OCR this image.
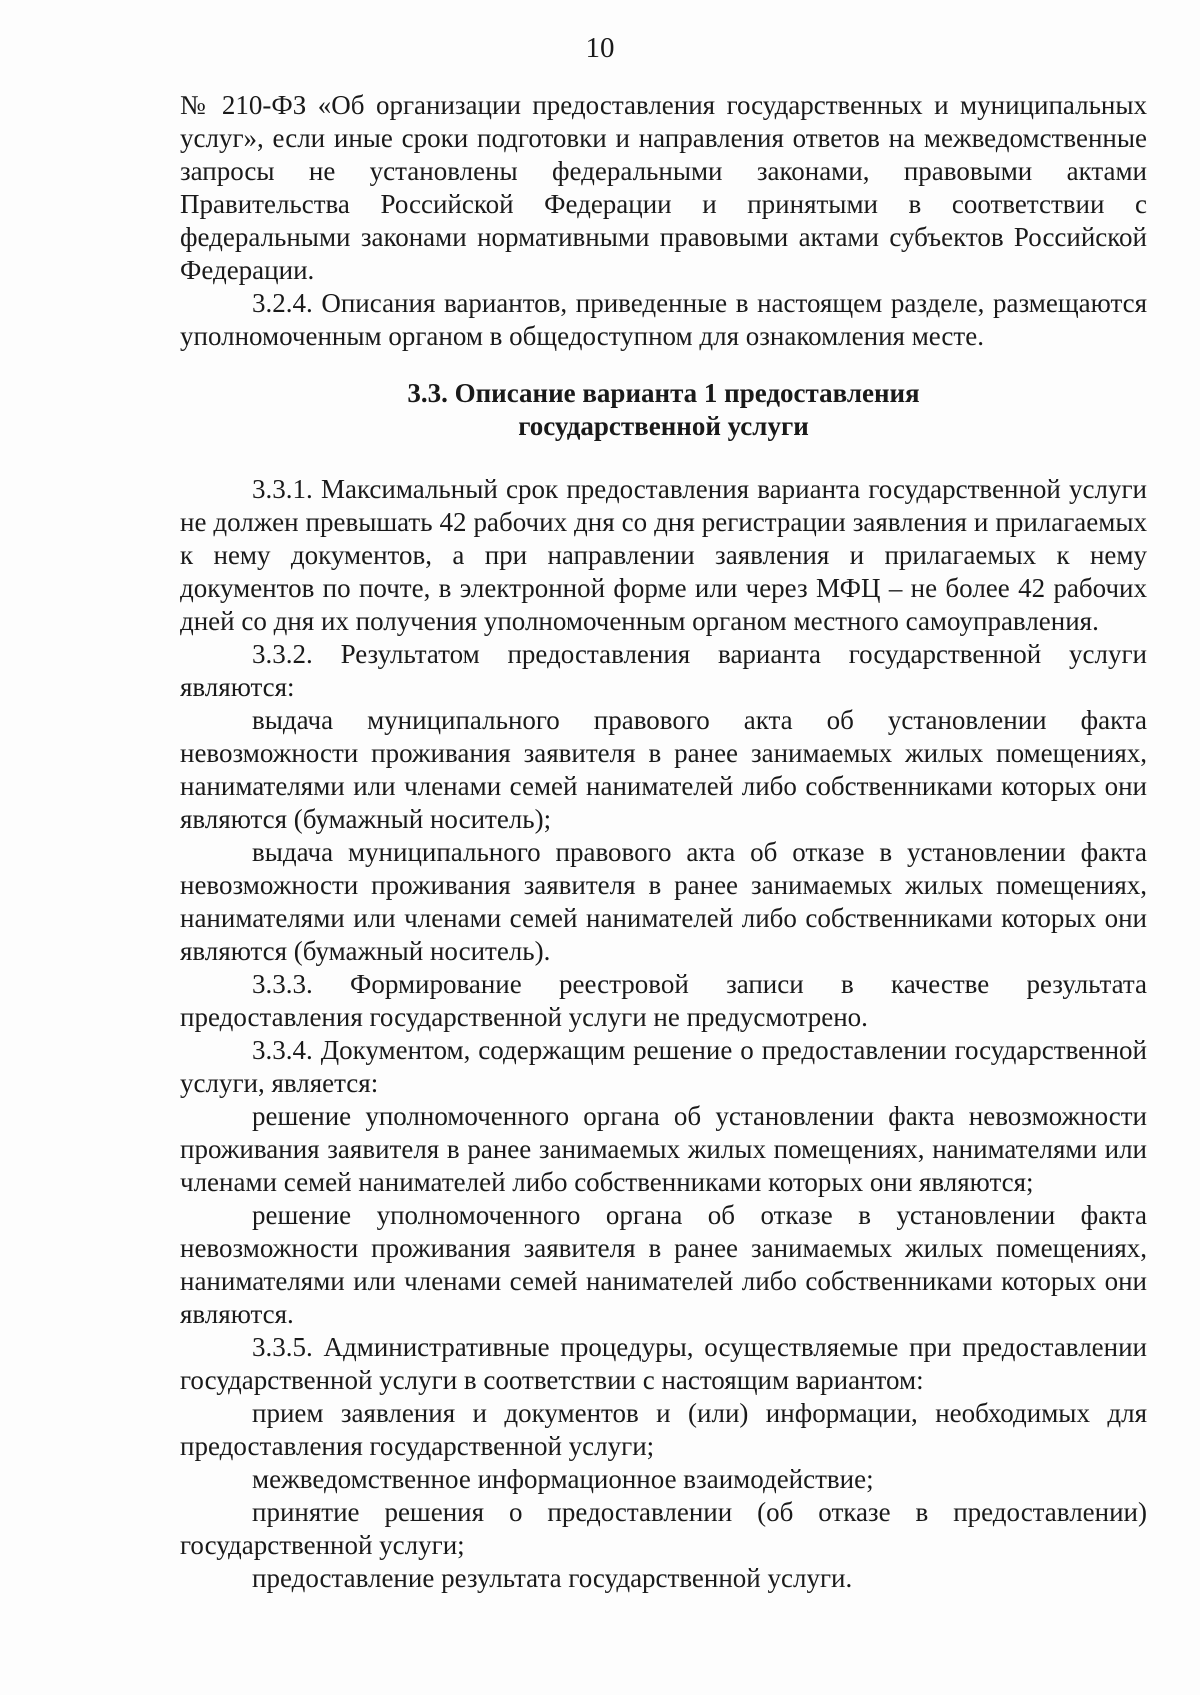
10

№ 210-ФЗ «Об организации предоставления государственных и муниципальных услуг», если иные сроки подготовки и направления ответов на межведомственные запросы не установлены федеральными законами, правовыми актами Правительства Российской Федерации и принятыми в соответствии с федеральными законами нормативными правовыми актами субъектов Российской Федерации.

3.2.4. Описания вариантов, приведенные в настоящем разделе, размещаются уполномоченным органом в общедоступном для ознакомления месте.

3.3. Описание варианта 1 предоставления
государственной услуги

3.3.1. Максимальный срок предоставления варианта государственной услуги не должен превышать 42 рабочих дня со дня регистрации заявления и прилагаемых к нему документов, а при направлении заявления и прилагаемых к нему документов по почте, в электронной форме или через МФЦ – не более 42 рабочих дней со дня их получения уполномоченным органом местного самоуправления.

3.3.2. Результатом предоставления варианта государственной услуги являются:

выдача муниципального правового акта об установлении факта невозможности проживания заявителя в ранее занимаемых жилых помещениях, нанимателями или членами семей нанимателей либо собственниками которых они являются (бумажный носитель);

выдача муниципального правового акта об отказе в установлении факта невозможности проживания заявителя в ранее занимаемых жилых помещениях, нанимателями или членами семей нанимателей либо собственниками которых они являются (бумажный носитель).

3.3.3. Формирование реестровой записи в качестве результата предоставления государственной услуги не предусмотрено.

3.3.4. Документом, содержащим решение о предоставлении государственной услуги, является:

решение уполномоченного органа об установлении факта невозможности проживания заявителя в ранее занимаемых жилых помещениях, нанимателями или членами семей нанимателей либо собственниками которых они являются;

решение уполномоченного органа об отказе в установлении факта невозможности проживания заявителя в ранее занимаемых жилых помещениях, нанимателями или членами семей нанимателей либо собственниками которых они являются.

3.3.5. Административные процедуры, осуществляемые при предоставлении государственной услуги в соответствии с настоящим вариантом:

прием заявления и документов и (или) информации, необходимых для предоставления государственной услуги;

межведомственное информационное взаимодействие;

принятие решения о предоставлении (об отказе в предоставлении) государственной услуги;

предоставление результата государственной услуги.
